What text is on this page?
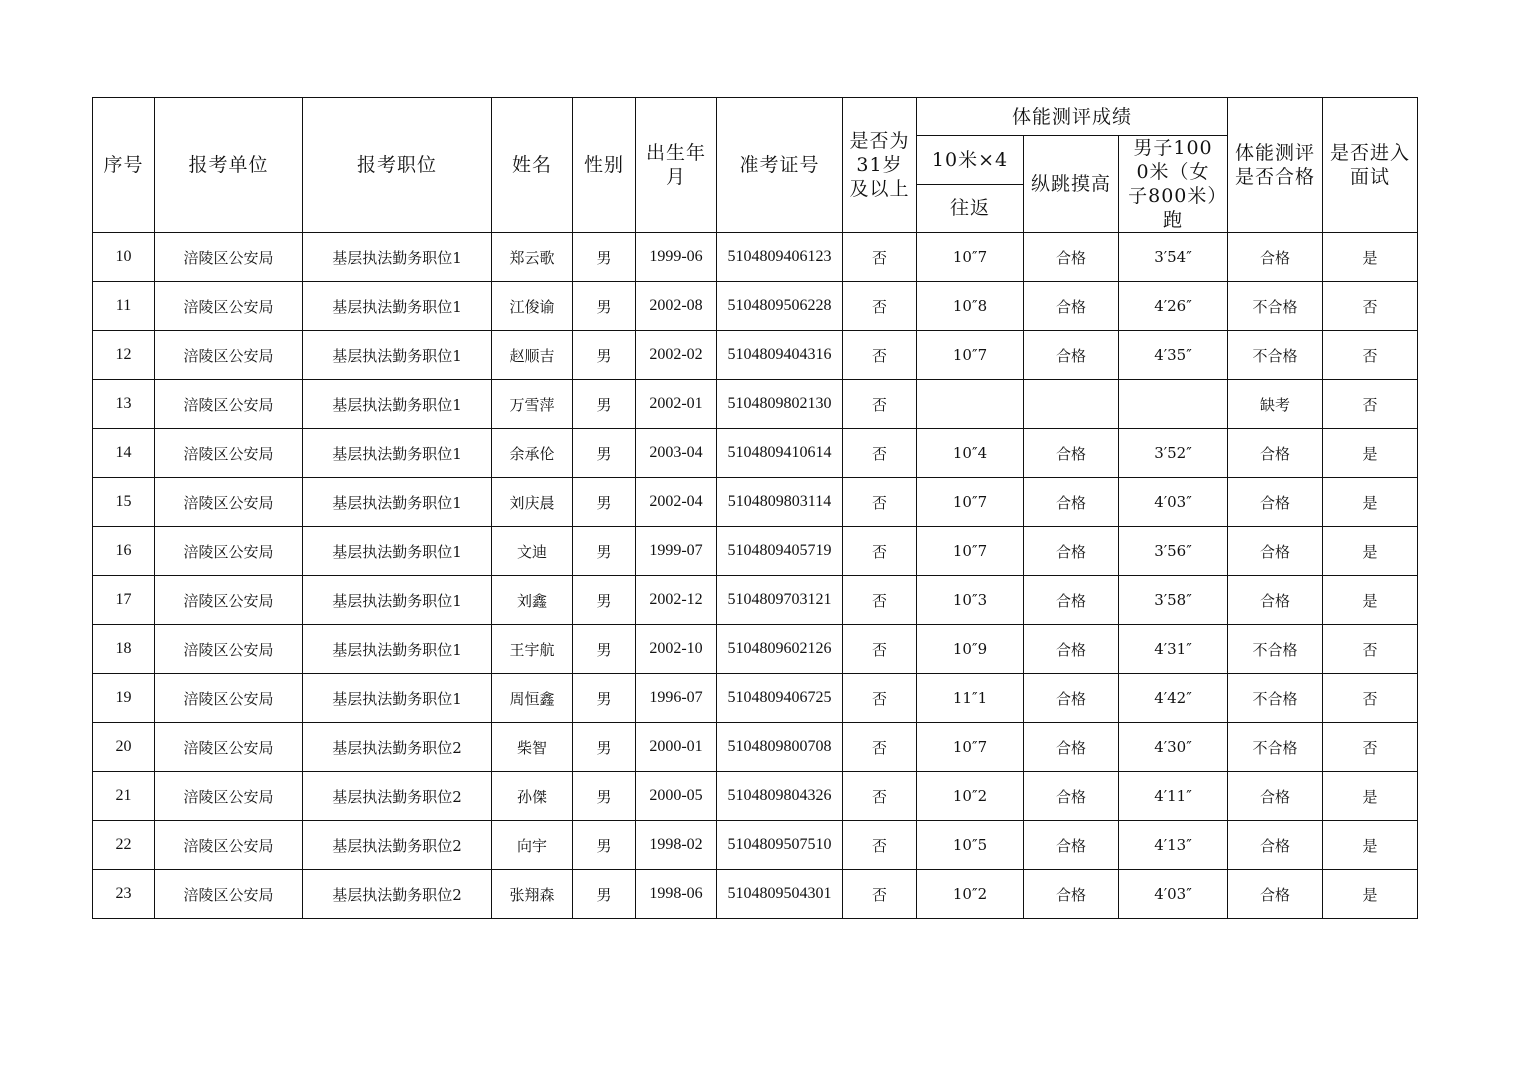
序号	报考单位	报考职位	姓名	性别	出生年月	准考证号	是否为31岁及以上	体能测评成绩			体能测评是否合格	是否进入面试
								10米×4	纵跳摸高	男子1000米（女子800米）跑		
								往返				
10	涪陵区公安局	基层执法勤务职位1	郑云歌	男	1999-06	5104809406123	否	10″7	合格	3′54″	合格	是
11	涪陵区公安局	基层执法勤务职位1	江俊谕	男	2002-08	5104809506228	否	10″8	合格	4′26″	不合格	否
12	涪陵区公安局	基层执法勤务职位1	赵顺吉	男	2002-02	5104809404316	否	10″7	合格	4′35″	不合格	否
13	涪陵区公安局	基层执法勤务职位1	万雪萍	男	2002-01	5104809802130	否				缺考	否
14	涪陵区公安局	基层执法勤务职位1	余承伦	男	2003-04	5104809410614	否	10″4	合格	3′52″	合格	是
15	涪陵区公安局	基层执法勤务职位1	刘庆晨	男	2002-04	5104809803114	否	10″7	合格	4′03″	合格	是
16	涪陵区公安局	基层执法勤务职位1	文迪	男	1999-07	5104809405719	否	10″7	合格	3′56″	合格	是
17	涪陵区公安局	基层执法勤务职位1	刘鑫	男	2002-12	5104809703121	否	10″3	合格	3′58″	合格	是
18	涪陵区公安局	基层执法勤务职位1	王宇航	男	2002-10	5104809602126	否	10″9	合格	4′31″	不合格	否
19	涪陵区公安局	基层执法勤务职位1	周恒鑫	男	1996-07	5104809406725	否	11″1	合格	4′42″	不合格	否
20	涪陵区公安局	基层执法勤务职位2	柴智	男	2000-01	5104809800708	否	10″7	合格	4′30″	不合格	否
21	涪陵区公安局	基层执法勤务职位2	孙傑	男	2000-05	5104809804326	否	10″2	合格	4′11″	合格	是
22	涪陵区公安局	基层执法勤务职位2	向宇	男	1998-02	5104809507510	否	10″5	合格	4′13″	合格	是
23	涪陵区公安局	基层执法勤务职位2	张翔森	男	1998-06	5104809504301	否	10″2	合格	4′03″	合格	是
